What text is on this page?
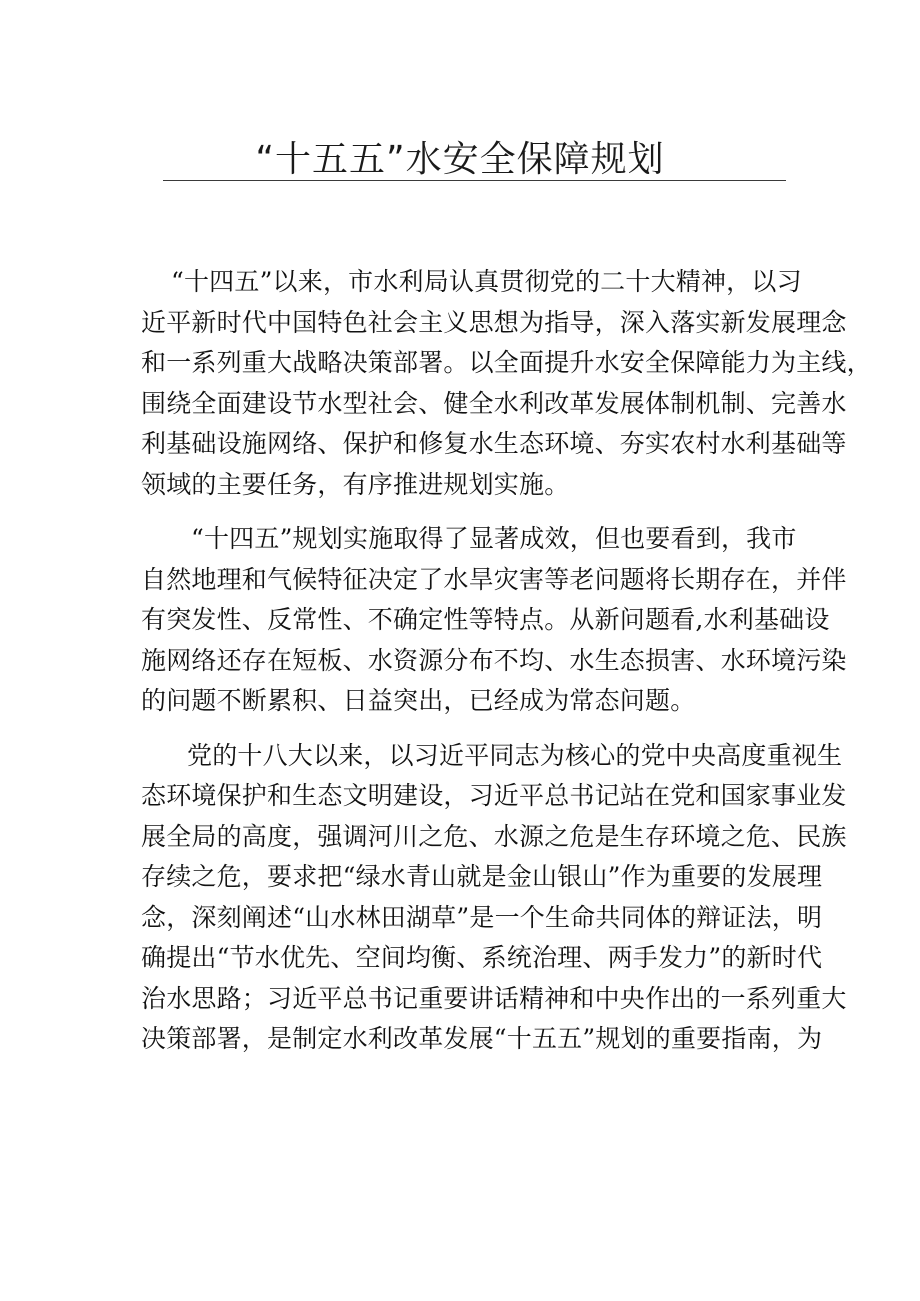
“十五五”水安全保障规划
“十四五”以来，市水利局认真贯彻党的二十大精神，以习
近平新时代中国特色社会主义思想为指导，深入落实新发展理念
和一系列重大战略决策部署。以全面提升水安全保障能力为主线，
围绕全面建设节水型社会、健全水利改革发展体制机制、完善水
利基础设施网络、保护和修复水生态环境、夯实农村水利基础等
领域的主要任务，有序推进规划实施。
“十四五”规划实施取得了显著成效，但也要看到，我市
自然地理和气候特征决定了水旱灾害等老问题将长期存在，并伴
有突发性、反常性、不确定性等特点。从新问题看,水利基础设
施网络还存在短板、水资源分布不均、水生态损害、水环境污染
的问题不断累积、日益突出，已经成为常态问题。
党的十八大以来，以习近平同志为核心的党中央高度重视生
态环境保护和生态文明建设，习近平总书记站在党和国家事业发
展全局的高度，强调河川之危、水源之危是生存环境之危、民族
存续之危，要求把“绿水青山就是金山银山”作为重要的发展理
念，深刻阐述“山水林田湖草”是一个生命共同体的辩证法，明
确提出“节水优先、空间均衡、系统治理、两手发力”的新时代
治水思路；习近平总书记重要讲话精神和中央作出的一系列重大
决策部署，是制定水利改革发展“十五五”规划的重要指南，为
